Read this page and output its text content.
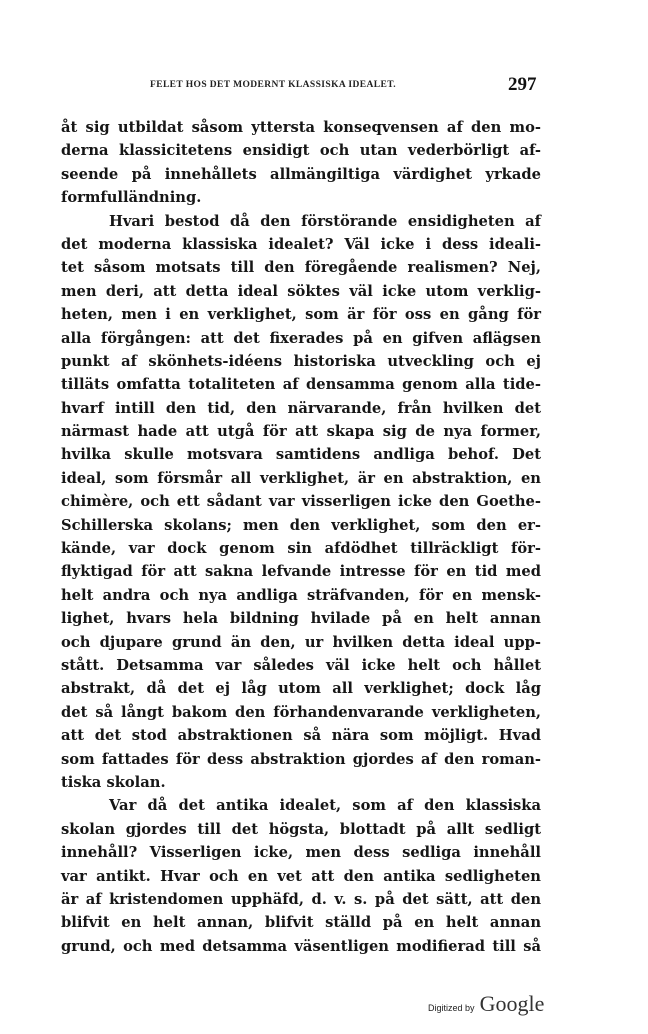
FELET HOS DET MODERNT KLASSISKA IDEALET.	297
åt sig utbildat såsom yttersta konseqvensen af den mo-
derna klassicitetens ensidigt och utan vederbörligt af-
seende på innehållets allmängiltiga värdighet yrkade
formfulländning.
Hvari bestod då den förstörande ensidigheten af
det moderna klassiska idealet? Väl icke i dess ideali-
tet såsom motsats till den föregående realismen? Nej,
men deri, att detta ideal söktes väl icke utom verklig-
heten, men i en verklighet, som är för oss en gång för
alla förgången: att det fixerades på en gifven aflägsen
punkt af skönhets-idéens historiska utveckling och ej
tilläts omfatta totaliteten af densamma genom alla tide-
hvarf intill den tid, den närvarande, från hvilken det
närmast hade att utgå för att skapa sig de nya former,
hvilka skulle motsvara samtidens andliga behof. Det
ideal, som försmår all verklighet, är en abstraktion, en
chimère, och ett sådant var visserligen icke den Goethe-
Schillerska skolans; men den verklighet, som den er-
kände, var dock genom sin afdödhet tillräckligt för-
flyktigad för att sakna lefvande intresse för en tid med
helt andra och nya andliga sträfvanden, för en mensk-
lighet, hvars hela bildning hvilade på en helt annan
och djupare grund än den, ur hvilken detta ideal upp-
stått. Detsamma var således väl icke helt och hållet
abstrakt, då det ej låg utom all verklighet; dock låg
det så långt bakom den förhandenvarande verkligheten,
att det stod abstraktionen så nära som möjligt. Hvad
som fattades för dess abstraktion gjordes af den roman-
tiska skolan.
Var då det antika idealet, som af den klassiska
skolan gjordes till det högsta, blottadt på allt sedligt
innehåll? Visserligen icke, men dess sedliga innehåll
var antikt. Hvar och en vet att den antika sedligheten
är af kristendomen upphäfd, d. v. s. på det sätt, att den
blifvit en helt annan, blifvit ställd på en helt annan
grund, och med detsamma väsentligen modifierad till så
Digitized by Google
